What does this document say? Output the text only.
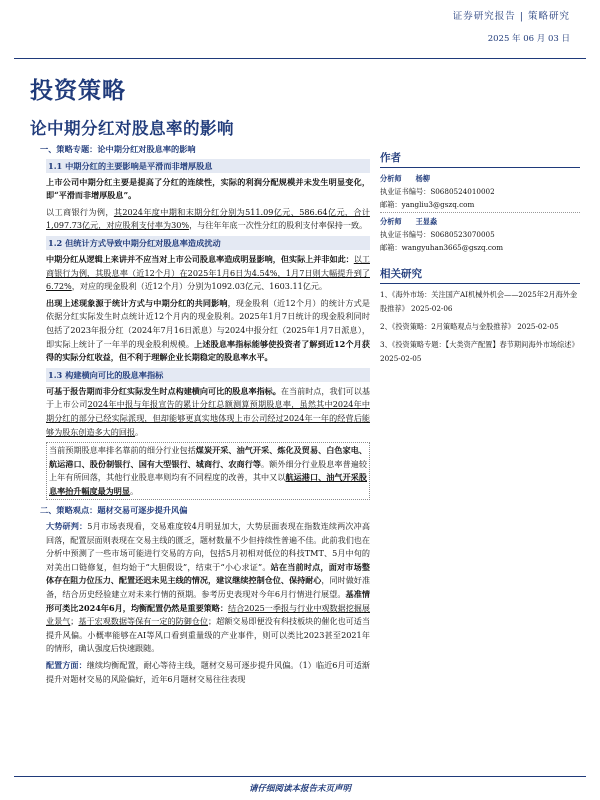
证券研究报告 | 策略研究
2025 年 06 月 03 日
投资策略
论中期分红对股息率的影响
一、策略专题：论中期分红对股息率的影响
1.1 中期分红的主要影响是平滑而非增厚股息
上市公司中期分红主要是提高了分红的连续性，实际的利润分配规模并未发生明显变化，即“平滑而非增厚股息”。
以工商银行为例，其2024年度中期和末期分红分别为511.09亿元、586.64亿元，合计1,097.73亿元，对应股利支付率为30%，与往年年底一次性分红的股利支付率保持一致。
1.2 但统计方式导致中期分红对股息率造成扰动
中期分红从逻辑上来讲并不应当对上市公司股息率造成明显影响，但实际上并非如此：以工商银行为例，其股息率（近12个月）在2025年1月6日为4.54%，1月7日则大幅提升到了6.72%，对应的现金股利（近12个月）分别为1092.03亿元、1603.11亿元。
出现上述现象源于统计方式与中期分红的共同影响，现金股利（近12个月）的统计方式是依据分红实际发生时点统计近12个月内的现金股利。2025年1月7日统计的现金股利同时包括了2023年报分红（2024年7月16日派息）与2024中报分红（2025年1月7日派息），即实际上统计了一年半的现金股利规模。上述股息率指标能够使投资者了解到近12个月获得的实际分红收益，但不利于理解企业长期稳定的股息率水平。
1.3 构建横向可比的股息率指标
可基于报告期而非分红实际发生时点构建横向可比的股息率指标。在当前时点，我们可以基于上市公司2024年中报与年报宣告的累计分红总额测算预期股息率，虽然其中2024年中期分红的部分已经实际派现，但却能够更真实地体现上市公司经过2024年一年的经营后能够为股东创造多大的回报。
当前预期股息率排名靠前的细分行业包括煤炭开采、油气开采、炼化及贸易、白色家电、航运港口、股份制银行、国有大型银行、城商行、农商行等。额外细分行业股息率普遍较上年有所回落，其他行业股息率则均有不同程度的改善，其中又以航运港口、油气开采股息率抬升幅度最为明显。
二、策略观点：题材交易可逐步提升风偏
大势研判：5月市场表现看，交易难度较4月明显加大，大势层面表现在指数连续两次冲高回落，配置层面则表现在交易主线的匮乏，题材数量不少但持续性普遍不佳。此前我们也在分析中预测了一些市场可能进行交易的方向，包括5月初相对低位的科技TMT、5月中旬的对美出口链修复，但均始于“大胆假设”，结束于“小心求证”。站在当前时点，面对市场整体存在阻力位压力、配置还迟未见主线的情况，建议继续控制仓位、保持耐心，同时做好准备，结合历史经验建立对未来行情的预期。参考历史表现对今年6月行情进行展望。基准情形可类比2024年6月，均衡配置仍然是重要策略：结合2025一季报与行业中观数据挖掘展业景气；基于宏观数据等保有一定的防御仓位；超额交易即便没有科技板块的催化也可适当提升风偏。小概率能够在AI等风口看到重量级的产业事件，则可以类比2023甚至2021年的情形，确认强度后快速跟随。
配置方面：继续均衡配置，耐心等待主线，题材交易可逐步提升风偏。（1）临近6月可适渐提升对题材交易的风险偏好，近年6月题材交易往往表现
作者
分析师 杨柳
执业证书编号：S0680524010002
邮箱：yangliu3@gszq.com
分析师 王显淼
执业证书编号：S0680523070005
邮箱：wangyuhan3665@gszq.com
相关研究
1、《海外市场：关注国产AI机械外机会——2025年2月海外金股推荐》 2025-02-06
2、《投资策略：2月策略观点与金股推荐》 2025-02-05
3、《投资策略专题：【大类资产配置】春节期间海外市场综述》 2025-02-05
请仔细阅读本报告末页声明
